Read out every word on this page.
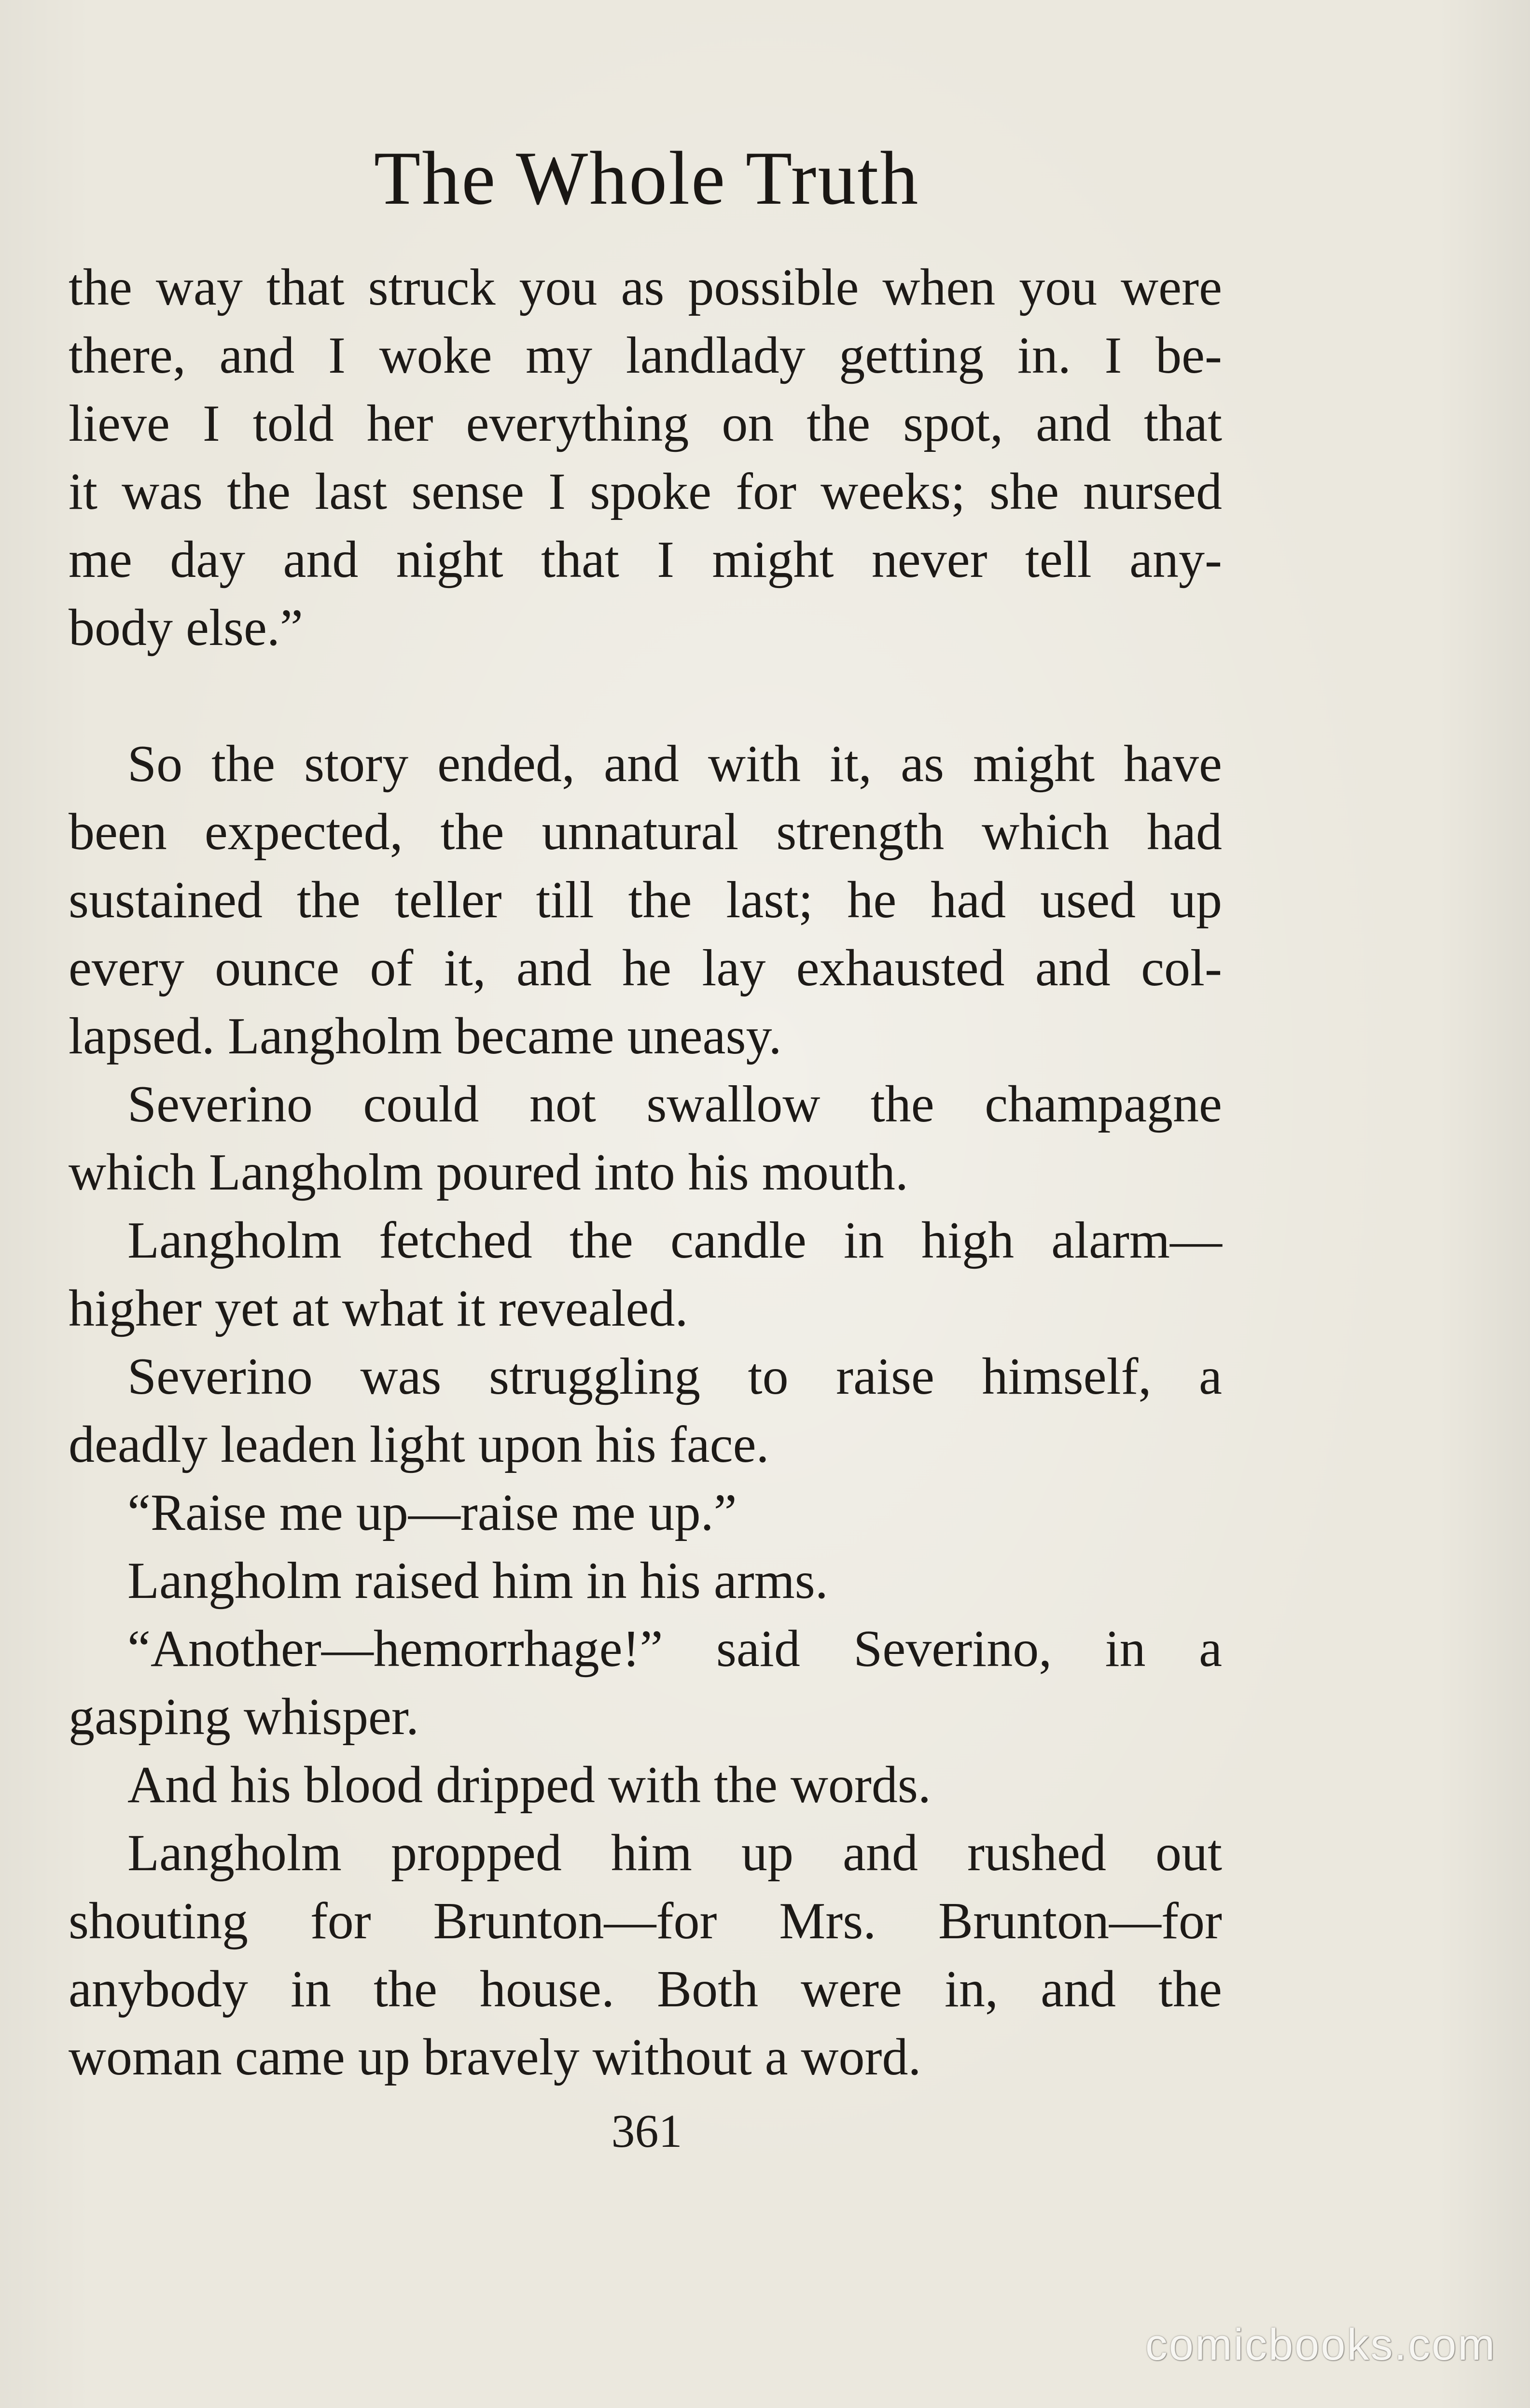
The Whole Truth
the way that struck you as possible when you were
there, and I woke my landlady getting in. I be-
lieve I told her everything on the spot, and that
it was the last sense I spoke for weeks; she nursed
me day and night that I might never tell any-
body else.”
So the story ended, and with it, as might have
been expected, the unnatural strength which had
sustained the teller till the last; he had used up
every ounce of it, and he lay exhausted and col-
lapsed. Langholm became uneasy.
Severino could not swallow the champagne
which Langholm poured into his mouth.
Langholm fetched the candle in high alarm—
higher yet at what it revealed.
Severino was struggling to raise himself, a
deadly leaden light upon his face.
“Raise me up—raise me up.”
Langholm raised him in his arms.
“Another—hemorrhage!” said Severino, in a
gasping whisper.
And his blood dripped with the words.
Langholm propped him up and rushed out
shouting for Brunton—for Mrs. Brunton—for
anybody in the house. Both were in, and the
woman came up bravely without a word.
361
comicbooks.com
